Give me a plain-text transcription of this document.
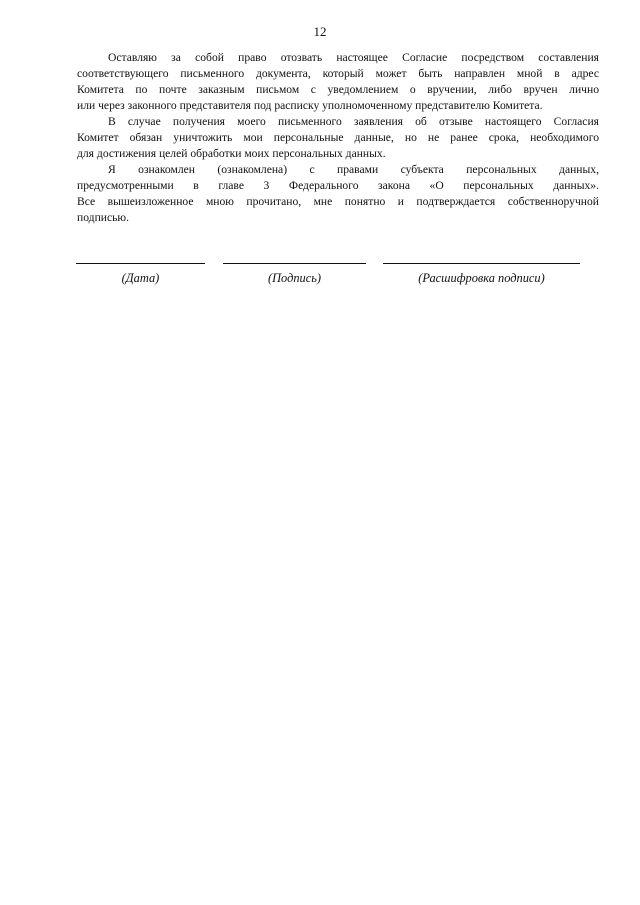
12

Оставляю за собой право отозвать настоящее Согласие посредством составления
соответствующего письменного документа, который может быть направлен мной в адрес
Комитета по почте заказным письмом с уведомлением о вручении, либо вручен лично
или через законного представителя под расписку уполномоченному представителю Комитета.

В случае получения моего письменного заявления об отзыве настоящего Согласия
Комитет обязан уничтожить мои персональные данные, но не ранее срока, необходимого
для достижения целей обработки моих персональных данных.

Я ознакомлен (ознакомлена) с правами субъекта персональных данных,
предусмотренными в главе 3 Федерального закона «О персональных данных».
Все вышеизложенное мною прочитано, мне понятно и подтверждается собственноручной
подписью.

(Дата)	(Подпись)	(Расшифровка подписи)
